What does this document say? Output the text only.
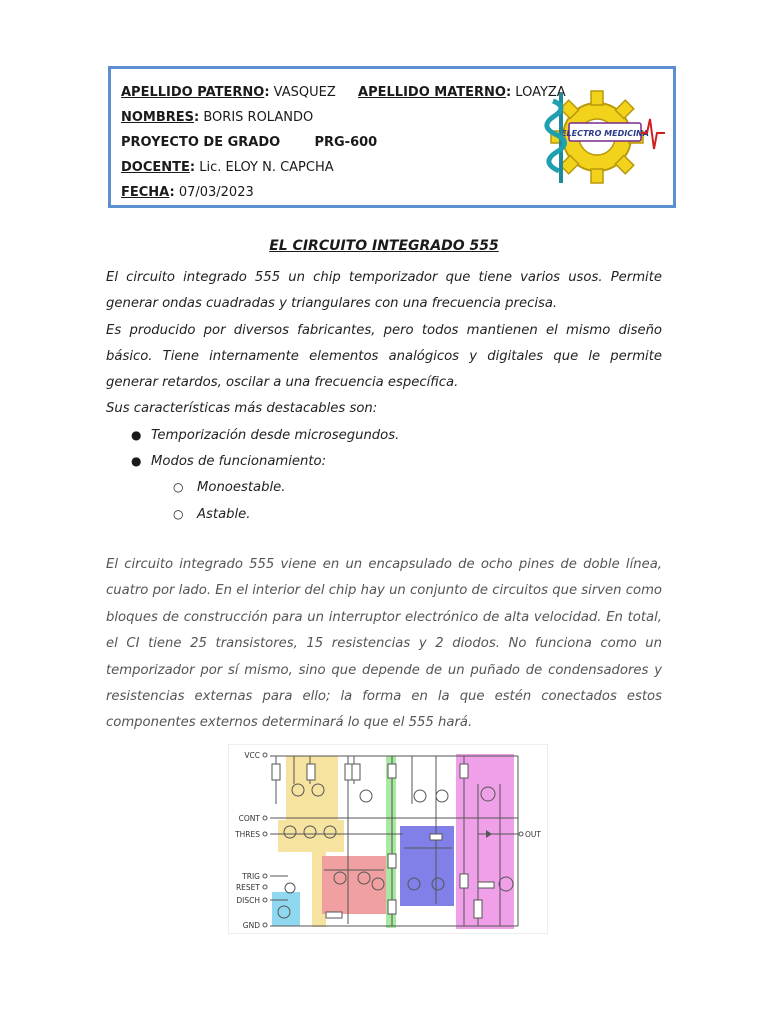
APELLIDO PATERNO: VASQUEZ APELLIDO MATERNO: LOAYZA
NOMBRES: BORIS ROLANDO
PROYECTO DE GRADO	PRG-600
DOCENTE: Lic. ELOY N. CAPCHA
FECHA: 07/03/2023
ELECTRO MEDICINA
EL CIRCUITO INTEGRADO 555
El circuito integrado 555 un chip temporizador que tiene varios usos. Permite generar ondas cuadradas y triangulares con una frecuencia precisa.
Es producido por diversos fabricantes, pero todos mantienen el mismo diseño básico. Tiene internamente elementos analógicos y digitales que le permite generar retardos, oscilar a una frecuencia específica.
Sus características más destacables son:
● Temporización desde microsegundos.
● Modos de funcionamiento:
○ Monoestable.
○ Astable.
El circuito integrado 555 viene en un encapsulado de ocho pines de doble línea, cuatro por lado. En el interior del chip hay un conjunto de circuitos que sirven como bloques de construcción para un interruptor electrónico de alta velocidad. En total, el CI tiene 25 transistores, 15 resistencias y 2 diodos. No funciona como un temporizador por sí mismo, sino que depende de un puñado de condensadores y resistencias externas para ello; la forma en la que estén conectados estos componentes externos determinará lo que el 555 hará.
VCC
CONT
THRES
TRIG
RESET
DISCH
GND
OUT
